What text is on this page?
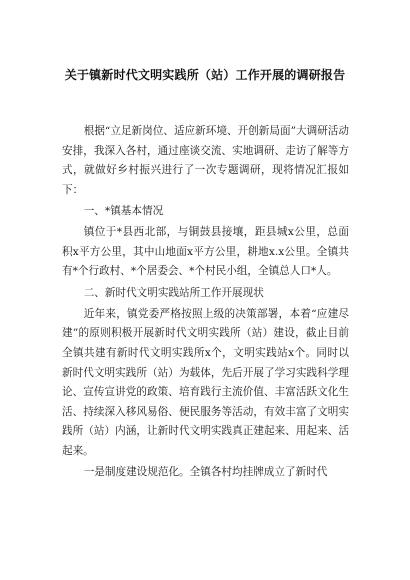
关于镇新时代文明实践所（站）工作开展的调研报告

根据“立足新岗位、适应新环境、开创新局面”大调研活动安排，我深入各村，通过座谈交流、实地调研、走访了解等方式，就做好乡村振兴进行了一次专题调研，现将情况汇报如下：

一、*镇基本情况

镇位于*县西北部，与铜鼓县接壤，距县城x公里，总面积x平方公里，其中山地面x平方公里，耕地x.x公里。全镇共有*个行政村、*个居委会、*个村民小组，全镇总人口*人。

二、新时代文明实践站所工作开展现状

近年来，镇党委严格按照上级的决策部署，本着“应建尽建”的原则积极开展新时代文明实践所（站）建设，截止目前全镇共建有新时代文明实践所x个，文明实践站x个。同时以新时代文明实践所（站）为载体，先后开展了学习实践科学理论、宣传宣讲党的政策、培育践行主流价值、丰富活跃文化生活、持续深入移风易俗、便民服务等活动，有效丰富了文明实践所（站）内涵，让新时代文明实践真正建起来、用起来、活起来。

一是制度建设规范化。全镇各村均挂牌成立了新时代
